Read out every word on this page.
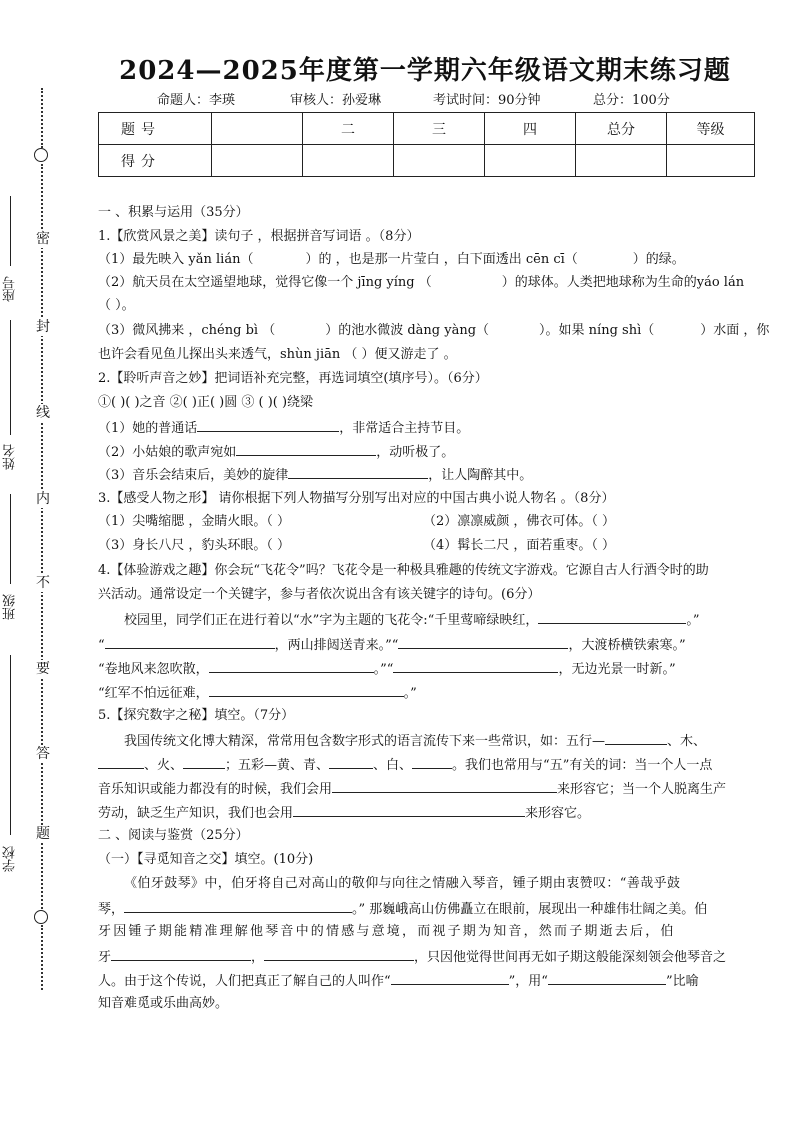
密
封
线
内
不
要
答
题
座号
姓名
班级
学校
2024—2025年度第一学期六年级语文期末练习题
命题人：李瑛	审核人：孙爱琳	考试时间：90分钟	总分：100分
题号		二	三	四	总分	等级
得分						
一 、积累与运用（35分）
1.【欣赏风景之美】读句子 ，根据拼音写词语 。（8分）
（1）最先映入 yǎn lián（	）的 ，也是那一片莹白 ，白下面透出 cēn cī（	）的绿。
（2）航天员在太空遥望地球，觉得它像一个 jīng yíng （	）的球体。人类把地球称为生命的yáo lán
（ ）。
（3）微风拂来 ，chéng bì （	）的池水微波 dàng yàng（	）。如果 níng shì（	）水面 ，你
也许会看见鱼儿探出头来透气，shùn jiān （ ）便又游走了 。
2.【聆听声音之妙】把词语补充完整，再选词填空(填序号）。（6分）
①( )( )之音 ②( )正( )圆 ③ ( )( )绕梁
（1）她的普通话	，非常适合主持节目。
（2）小姑娘的歌声宛如	，动听极了。
（3）音乐会结束后，美妙的旋律	，让人陶醉其中。
3.【感受人物之形】 请你根据下列人物描写分别写出对应的中国古典小说人物名 。（8分）
（1）尖嘴缩腮 ，金睛火眼。（ ）	（2）凛凛威颜 ，佛衣可体。（ ）
（3）身长八尺 ，豹头环眼。（ ）	（4）髯长二尺 ，面若重枣。（ ）
4.【体验游戏之趣】你会玩“飞花令”吗？飞花令是一种极具雅趣的传统文字游戏。它源自古人行酒令时的助
兴活动。通常设定一个关键字，参与者依次说出含有该关键字的诗句。(6分）
校园里，同学们正在进行着以“水”字为主题的飞花令:“千里莺啼绿映红，	。”
“	，两山排闼送青来。”“	，大渡桥横铁索寒。”
“卷地风来忽吹散，	。”“	，无边光景一时新。”
“红军不怕远征难，	。”
5.【探究数字之秘】填空。（7分）
我国传统文化博大精深，常常用包含数字形式的语言流传下来一些常识，如：五行—	、木、
、火、	；五彩—黄、青、	、白、	。我们也常用与“五”有关的词：当一个人一点
音乐知识或能力都没有的时候，我们会用	来形容它；当一个人脱离生产
劳动，缺乏生产知识，我们也会用	来形容它。
二 、阅读与鉴赏（25分）
（一）【寻觅知音之交】填空。(10分)
《伯牙鼓琴》中，伯牙将自己对高山的敬仰与向往之情融入琴音，锺子期由衷赞叹：“善哉乎鼓
琴，	。” 那巍峨高山仿佛矗立在眼前，展现出一种雄伟壮阔之美。伯
牙因锺子期能精准理解他琴音中的情感与意境，而视子期为知音，然而子期逝去后，伯
牙	，	，只因他觉得世间再无如子期这般能深刻领会他琴音之
人。由于这个传说，人们把真正了解自己的人叫作“	”，用“	”比喻
知音难觅或乐曲高妙。
